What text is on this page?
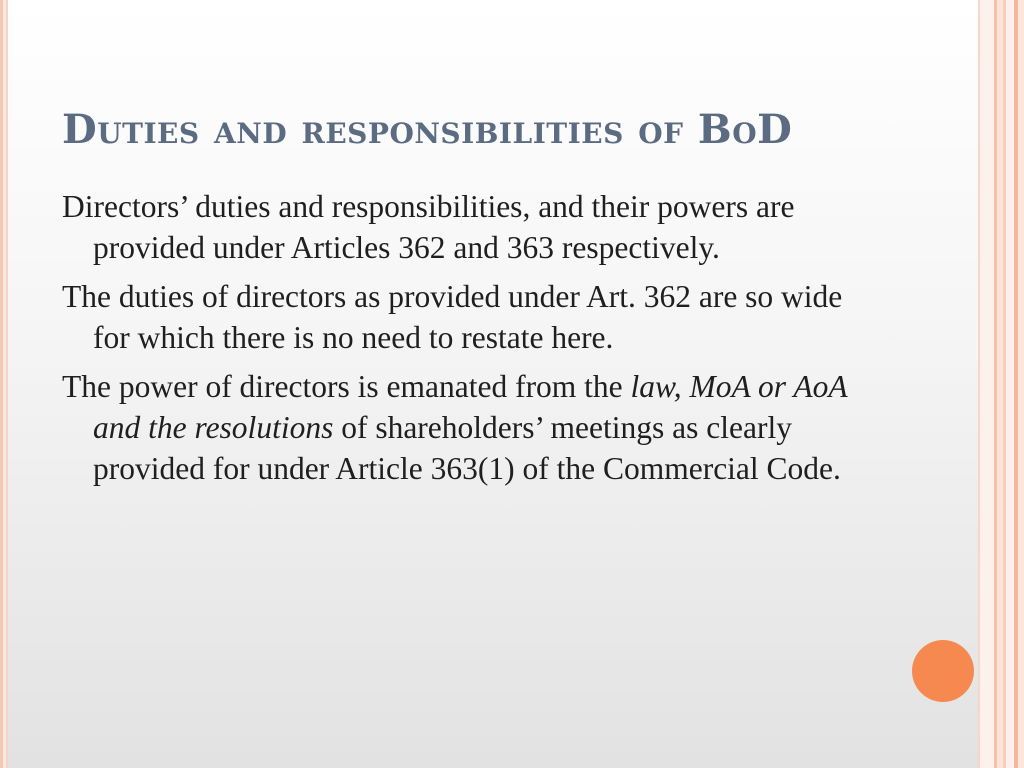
Duties and responsibilities of BoD

Directors’ duties and responsibilities, and their powers are provided under Articles 362 and 363 respectively.

The duties of directors as provided under Art. 362 are so wide for which there is no need to restate here.

The power of directors is emanated from the law, MoA or AoA and the resolutions of shareholders’ meetings as clearly provided for under Article 363(1) of the Commercial Code.
